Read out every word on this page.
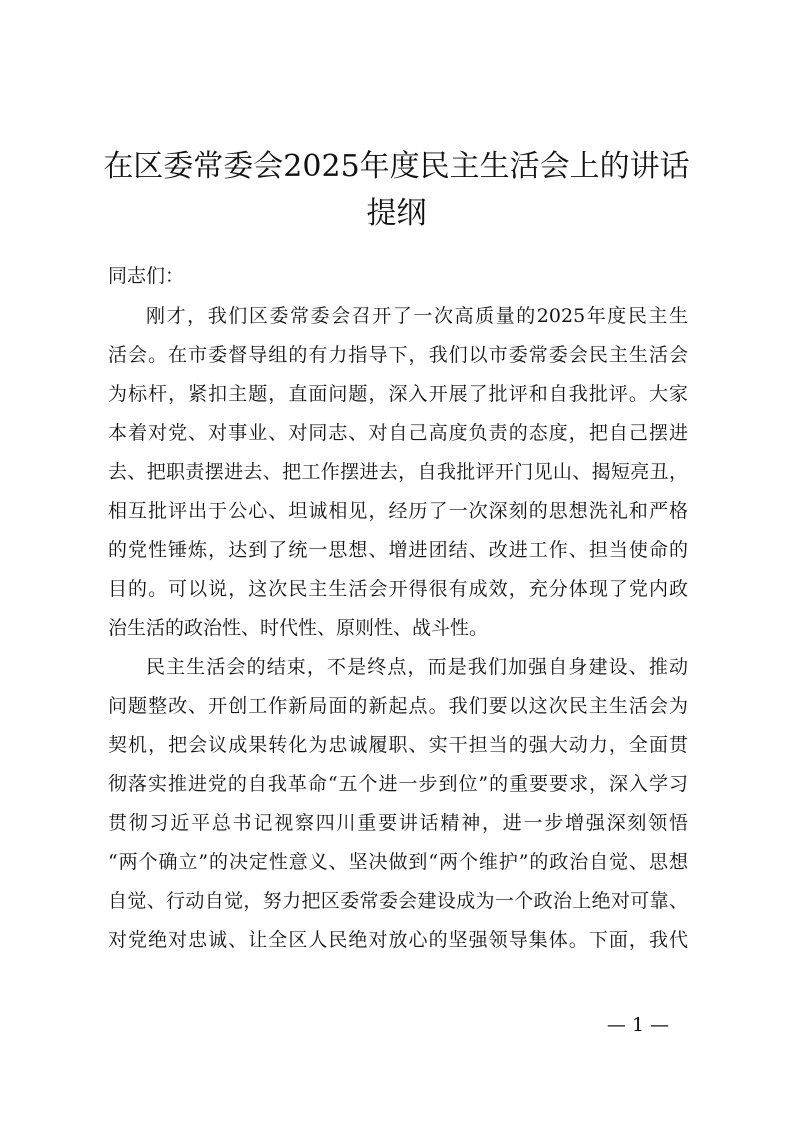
在区委常委会2025年度民主生活会上的讲话
提纲
同志们：
刚才，我们区委常委会召开了一次高质量的2025年度民主生
活会。在市委督导组的有力指导下，我们以市委常委会民主生活会
为标杆，紧扣主题，直面问题，深入开展了批评和自我批评。大家
本着对党、对事业、对同志、对自己高度负责的态度，把自己摆进
去、把职责摆进去、把工作摆进去，自我批评开门见山、揭短亮丑，
相互批评出于公心、坦诚相见，经历了一次深刻的思想洗礼和严格
的党性锤炼，达到了统一思想、增进团结、改进工作、担当使命的
目的。可以说，这次民主生活会开得很有成效，充分体现了党内政
治生活的政治性、时代性、原则性、战斗性。
民主生活会的结束，不是终点，而是我们加强自身建设、推动
问题整改、开创工作新局面的新起点。我们要以这次民主生活会为
契机，把会议成果转化为忠诚履职、实干担当的强大动力，全面贯
彻落实推进党的自我革命“五个进一步到位”的重要要求，深入学习
贯彻习近平总书记视察四川重要讲话精神，进一步增强深刻领悟
“两个确立”的决定性意义、坚决做到“两个维护”的政治自觉、思想
自觉、行动自觉，努力把区委常委会建设成为一个政治上绝对可靠、
对党绝对忠诚、让全区人民绝对放心的坚强领导集体。下面，我代
— 1 —
